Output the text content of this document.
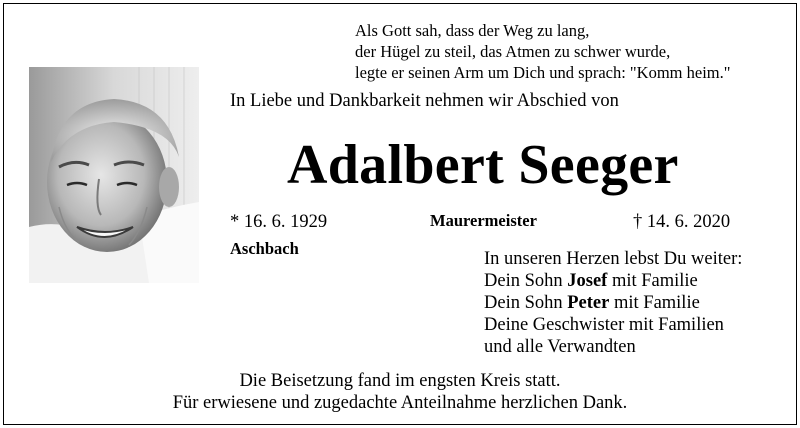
Als Gott sah, dass der Weg zu lang,
der Hügel zu steil, das Atmen zu schwer wurde,
legte er seinen Arm um Dich und sprach: "Komm heim."
In Liebe und Dankbarkeit nehmen wir Abschied von
Adalbert Seeger
* 16. 6. 1929	Maurermeister	† 14. 6. 2020
Aschbach
In unseren Herzen lebst Du weiter:
Dein Sohn Josef mit Familie
Dein Sohn Peter mit Familie
Deine Geschwister mit Familien
und alle Verwandten
Die Beisetzung fand im engsten Kreis statt.
Für erwiesene und zugedachte Anteilnahme herzlichen Dank.
